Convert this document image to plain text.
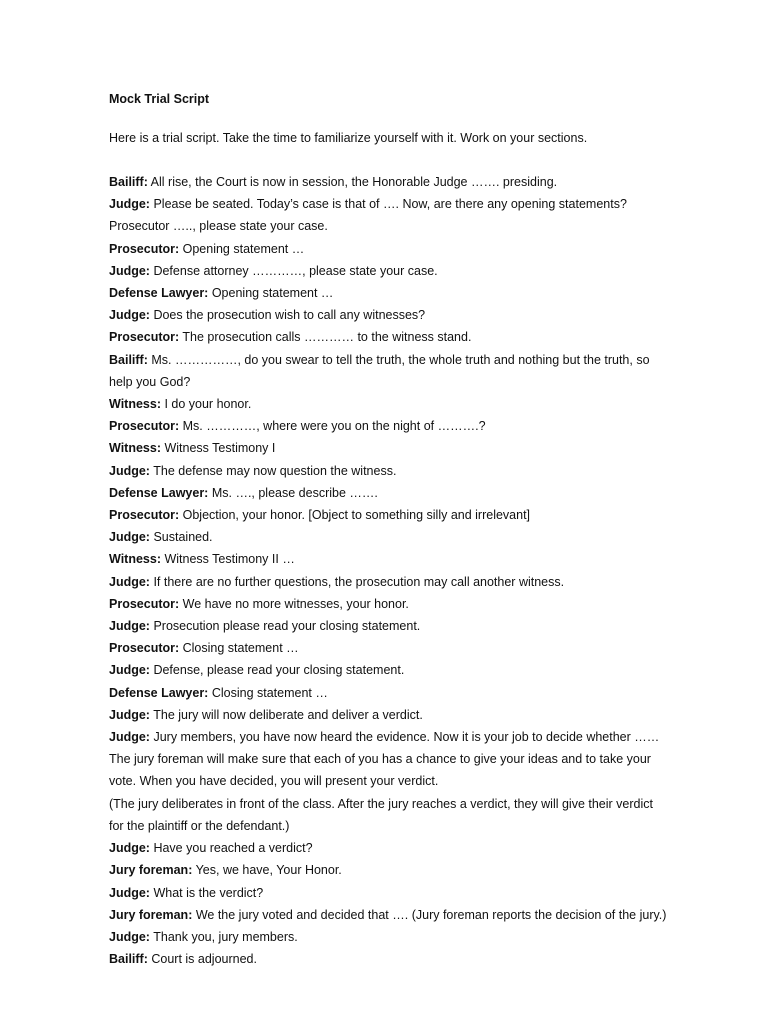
Mock Trial Script

Here is a trial script. Take the time to familiarize yourself with it. Work on your sections.

Bailiff: All rise, the Court is now in session, the Honorable Judge ……. presiding.

Judge: Please be seated. Today’s case is that of …. Now, are there any opening statements?

Prosecutor ….., please state your case.

Prosecutor: Opening statement …

Judge: Defense attorney …………, please state your case.

Defense Lawyer: Opening statement …

Judge: Does the prosecution wish to call any witnesses?

Prosecutor: The prosecution calls ………… to the witness stand.

Bailiff: Ms. ……………, do you swear to tell the truth, the whole truth and nothing but the truth, so help you God?

Witness: I do your honor.

Prosecutor: Ms. …………, where were you on the night of ……….?

Witness: Witness Testimony I

Judge: The defense may now question the witness.

Defense Lawyer: Ms. …., please describe …….

Prosecutor: Objection, your honor. [Object to something silly and irrelevant]

Judge: Sustained.

Witness: Witness Testimony II …

Judge: If there are no further questions, the prosecution may call another witness.

Prosecutor: We have no more witnesses, your honor.

Judge: Prosecution please read your closing statement.

Prosecutor: Closing statement …

Judge: Defense, please read your closing statement.

Defense Lawyer: Closing statement …

Judge: The jury will now deliberate and deliver a verdict.

Judge: Jury members, you have now heard the evidence. Now it is your job to decide whether …… The jury foreman will make sure that each of you has a chance to give your ideas and to take your vote. When you have decided, you will present your verdict.

(The jury deliberates in front of the class. After the jury reaches a verdict, they will give their verdict for the plaintiff or the defendant.)

Judge: Have you reached a verdict?

Jury foreman: Yes, we have, Your Honor.

Judge: What is the verdict?

Jury foreman: We the jury voted and decided that …. (Jury foreman reports the decision of the jury.)

Judge: Thank you, jury members.

Bailiff: Court is adjourned.
